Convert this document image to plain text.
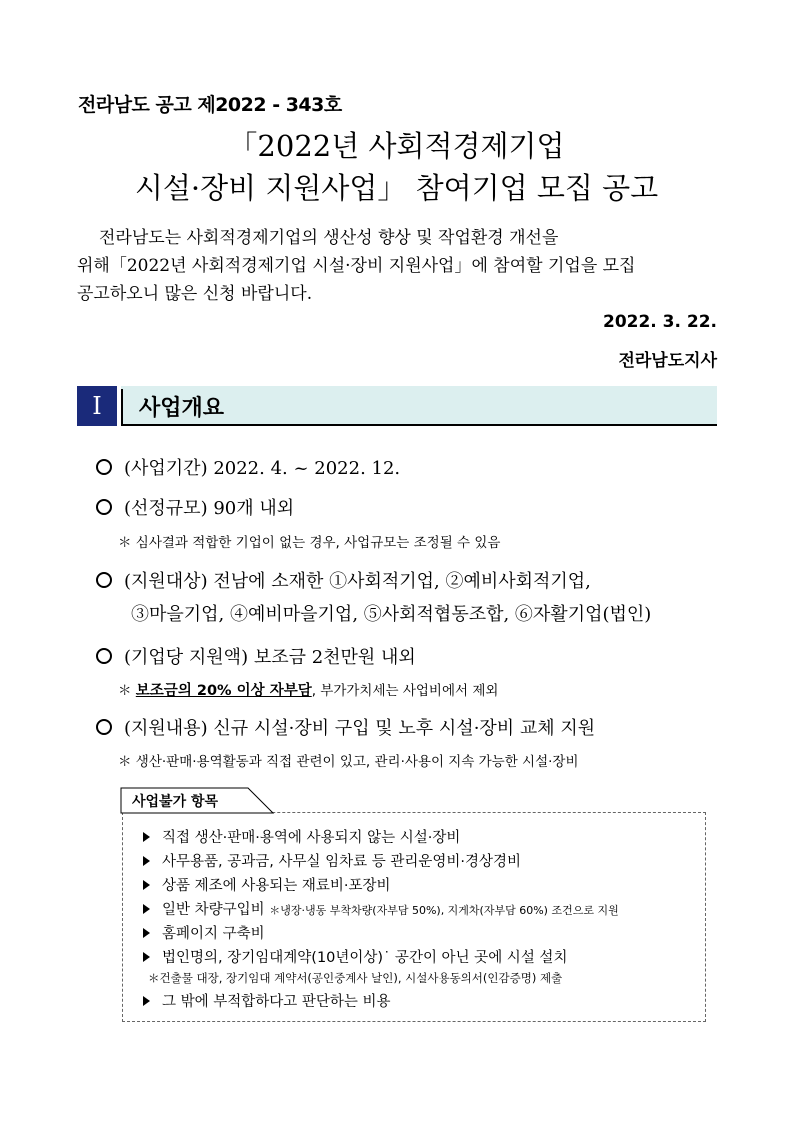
전라남도 공고 제2022 - 343호
「2022년 사회적경제기업
시설·장비 지원사업」 참여기업 모집 공고

전라남도는 사회적경제기업의 생산성 향상 및 작업환경 개선을

위해「2022년 사회적경제기업 시설·장비 지원사업」에 참여할 기업을 모집

공고하오니 많은 신청 바랍니다.

2022. 3. 22.
전라남도지사
Ⅰ	사업개요
(사업기간) 2022. 4. ~ 2022. 12.
(선정규모) 90개 내외
＊ 심사결과 적합한 기업이 없는 경우, 사업규모는 조정될 수 있음
(지원대상) 전남에 소재한 ①사회적기업, ②예비사회적기업,
③마을기업, ④예비마을기업, ⑤사회적협동조합, ⑥자활기업(법인)
(기업당 지원액) 보조금 2천만원 내외
＊ 보조금의 20% 이상 자부담, 부가가치세는 사업비에서 제외
(지원내용) 신규 시설·장비 구입 및 노후 시설·장비 교체 지원
＊ 생산·판매·용역활동과 직접 관련이 있고, 관리·사용이 지속 가능한 시설·장비
사업불가 항목
직접 생산·판매·용역에 사용되지 않는 시설·장비
사무용품, 공과금, 사무실 임차료 등 관리운영비·경상경비
상품 제조에 사용되는 재료비·포장비
일반 차량구입비 ＊냉장·냉동 부착차량(자부담 50%), 지게차(자부담 60%) 조건으로 지원
홈페이지 구축비
법인명의, 장기임대계약(10년이상)˙ 공간이 아닌 곳에 시설 설치
＊건출물 대장, 장기임대 계약서(공인중계사 날인), 시설사용동의서(인감증명) 제출
그 밖에 부적합하다고 판단하는 비용
